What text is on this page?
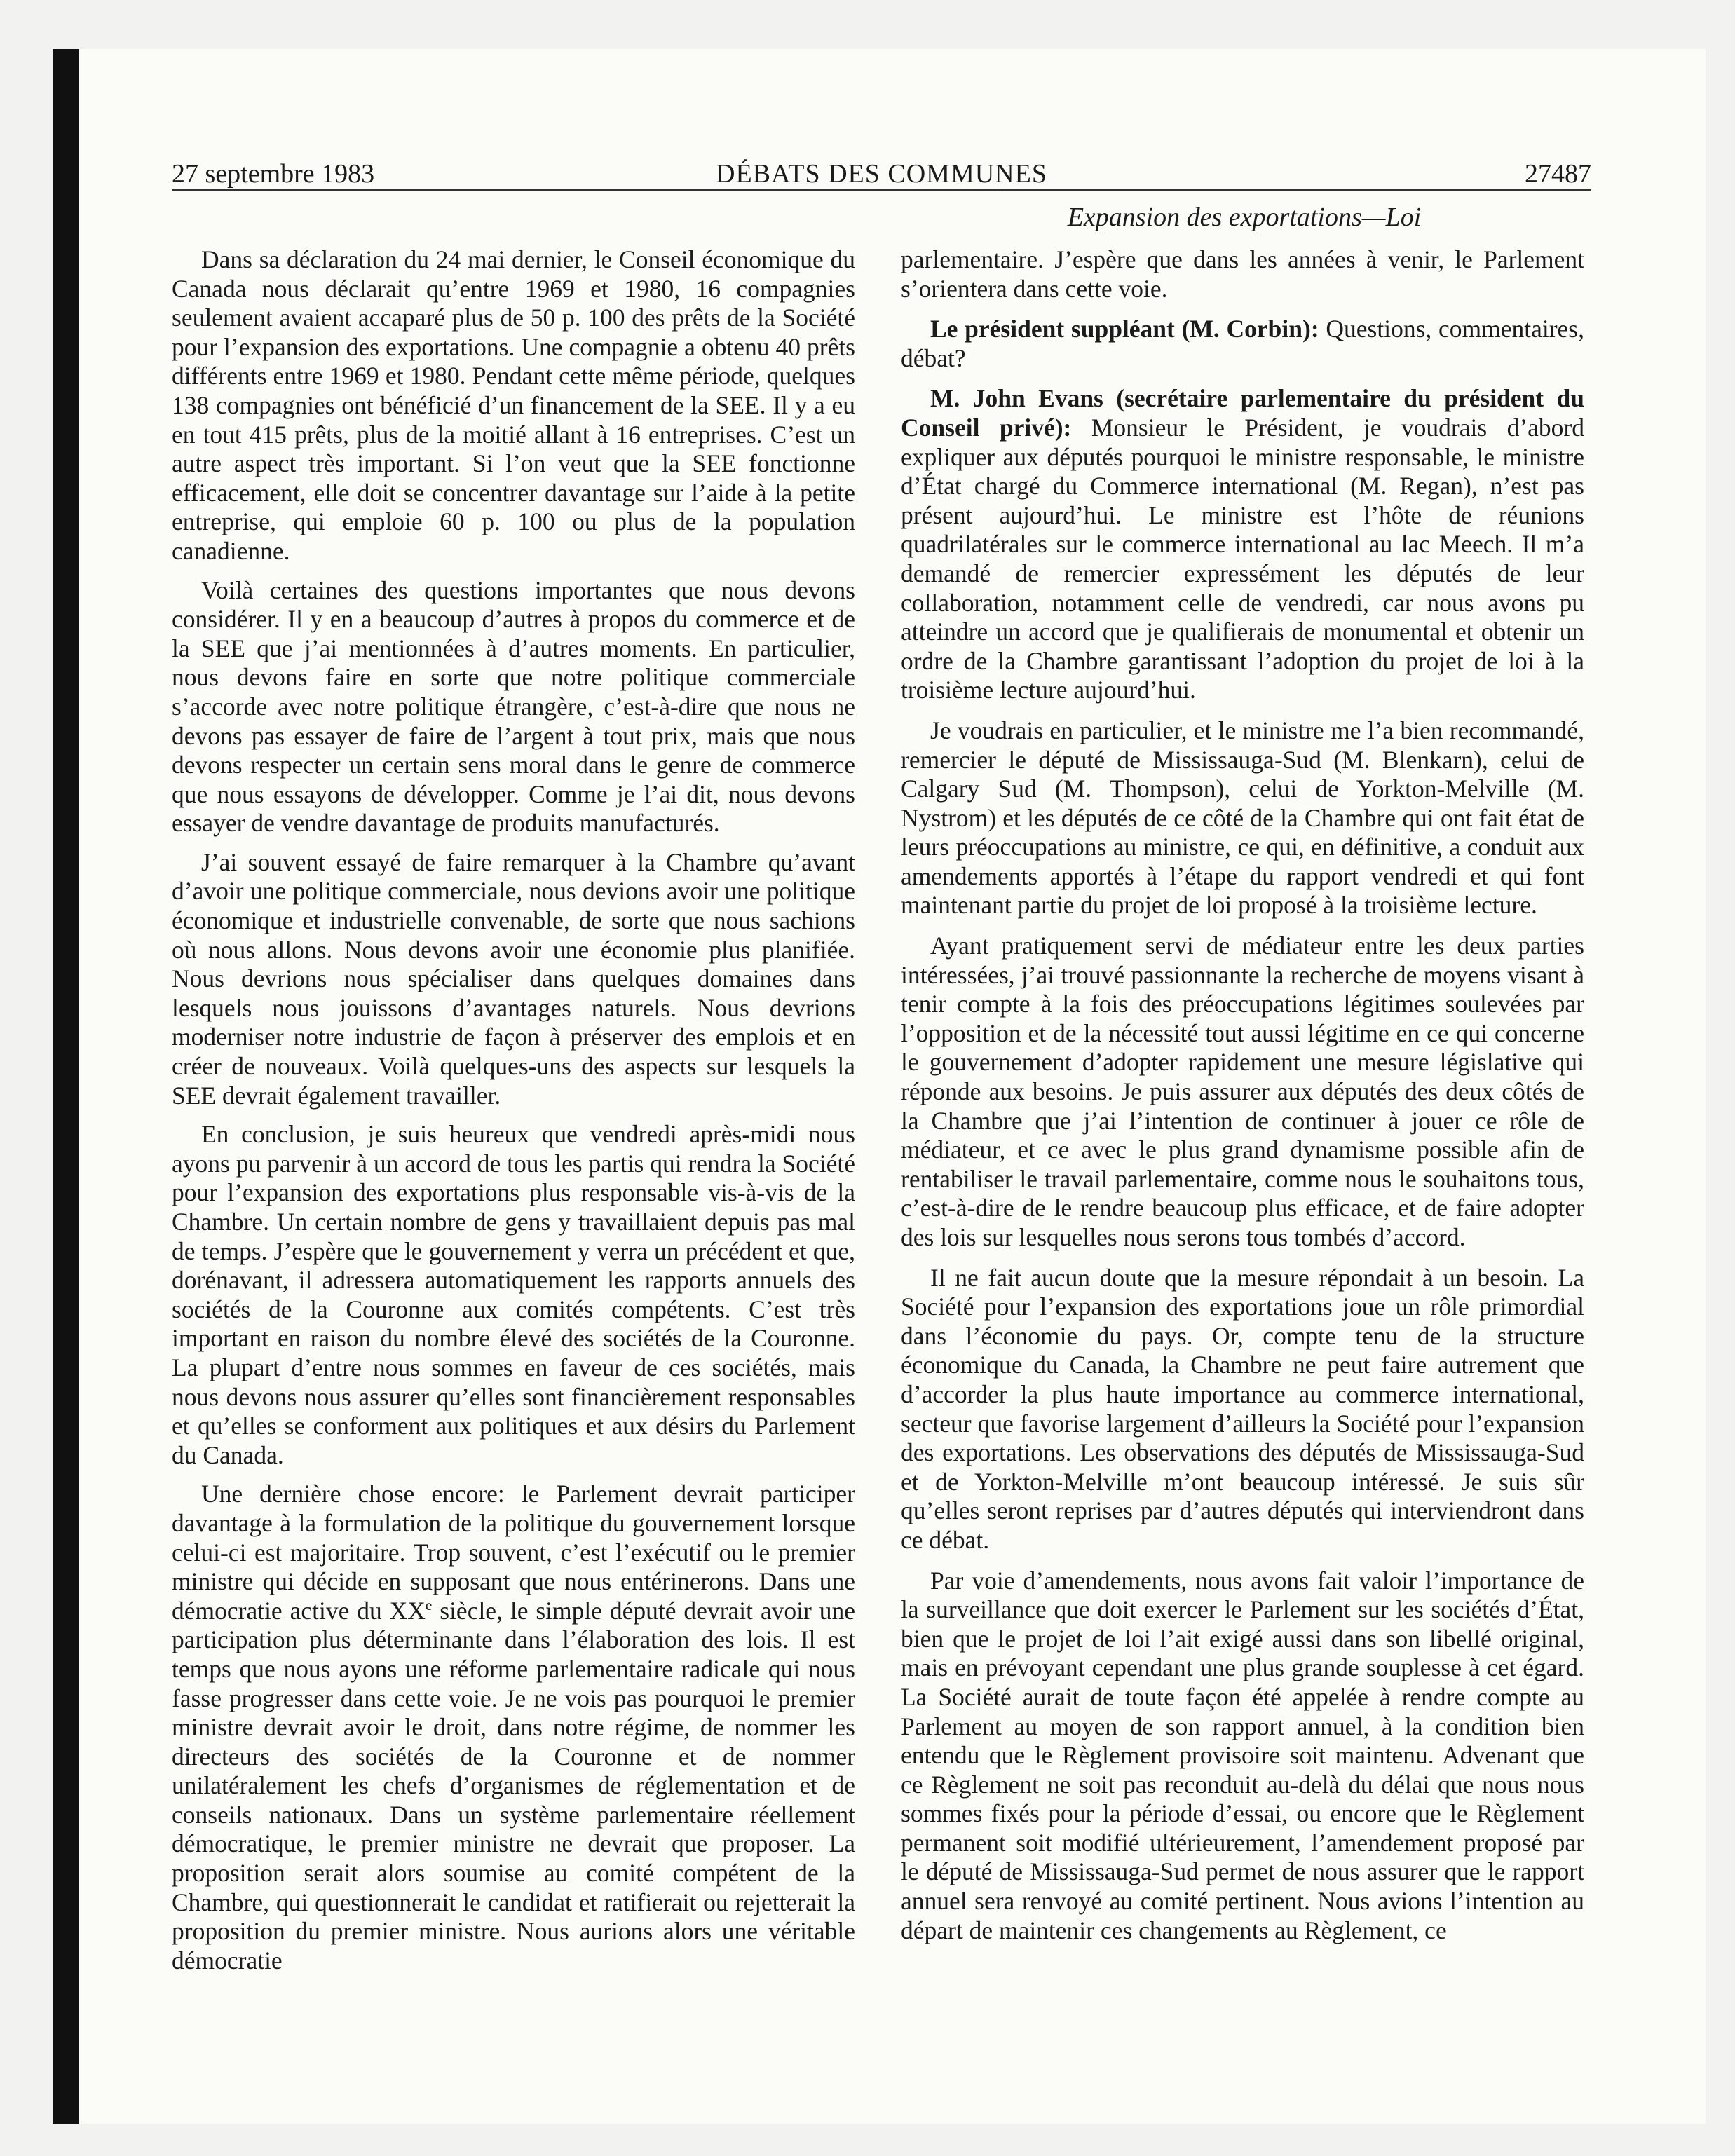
27 septembre 1983	DÉBATS DES COMMUNES	27487
Expansion des exportations—Loi

Dans sa déclaration du 24 mai dernier, le Conseil économique du Canada nous déclarait qu’entre 1969 et 1980, 16 compagnies seulement avaient accaparé plus de 50 p. 100 des prêts de la Société pour l’expansion des exportations. Une compagnie a obtenu 40 prêts différents entre 1969 et 1980. Pendant cette même période, quelques 138 compagnies ont bénéficié d’un financement de la SEE. Il y a eu en tout 415 prêts, plus de la moitié allant à 16 entreprises. C’est un autre aspect très important. Si l’on veut que la SEE fonctionne efficacement, elle doit se concentrer davantage sur l’aide à la petite entreprise, qui emploie 60 p. 100 ou plus de la population canadienne.

Voilà certaines des questions importantes que nous devons considérer. Il y en a beaucoup d’autres à propos du commerce et de la SEE que j’ai mentionnées à d’autres moments. En particulier, nous devons faire en sorte que notre politique commerciale s’accorde avec notre politique étrangère, c’est-à-dire que nous ne devons pas essayer de faire de l’argent à tout prix, mais que nous devons respecter un certain sens moral dans le genre de commerce que nous essayons de développer. Comme je l’ai dit, nous devons essayer de vendre davantage de produits manufacturés.

J’ai souvent essayé de faire remarquer à la Chambre qu’avant d’avoir une politique commerciale, nous devions avoir une politique économique et industrielle convenable, de sorte que nous sachions où nous allons. Nous devons avoir une économie plus planifiée. Nous devrions nous spécialiser dans quelques domaines dans lesquels nous jouissons d’avantages naturels. Nous devrions moderniser notre industrie de façon à préserver des emplois et en créer de nouveaux. Voilà quelques-uns des aspects sur lesquels la SEE devrait également travailler.

En conclusion, je suis heureux que vendredi après-midi nous ayons pu parvenir à un accord de tous les partis qui rendra la Société pour l’expansion des exportations plus responsable vis-à-vis de la Chambre. Un certain nombre de gens y travaillaient depuis pas mal de temps. J’espère que le gouvernement y verra un précédent et que, dorénavant, il adressera automatiquement les rapports annuels des sociétés de la Couronne aux comités compétents. C’est très important en raison du nombre élevé des sociétés de la Couronne. La plupart d’entre nous sommes en faveur de ces sociétés, mais nous devons nous assurer qu’elles sont financièrement responsables et qu’elles se conforment aux politiques et aux désirs du Parlement du Canada.

Une dernière chose encore: le Parlement devrait participer davantage à la formulation de la politique du gouvernement lorsque celui-ci est majoritaire. Trop souvent, c’est l’exécutif ou le premier ministre qui décide en supposant que nous entérinerons. Dans une démocratie active du XXe siècle, le simple député devrait avoir une participation plus déterminante dans l’élaboration des lois. Il est temps que nous ayons une réforme parlementaire radicale qui nous fasse progresser dans cette voie. Je ne vois pas pourquoi le premier ministre devrait avoir le droit, dans notre régime, de nommer les directeurs des sociétés de la Couronne et de nommer unilatéralement les chefs d’organismes de réglementation et de conseils nationaux. Dans un système parlementaire réellement démocratique, le premier ministre ne devrait que proposer. La proposition serait alors soumise au comité compétent de la Chambre, qui questionnerait le candidat et ratifierait ou rejetterait la proposition du premier ministre. Nous aurions alors une véritable démocratie

parlementaire. J’espère que dans les années à venir, le Parlement s’orientera dans cette voie.

Le président suppléant (M. Corbin): Questions, commentaires, débat?

M. John Evans (secrétaire parlementaire du président du Conseil privé): Monsieur le Président, je voudrais d’abord expliquer aux députés pourquoi le ministre responsable, le ministre d’État chargé du Commerce international (M. Regan), n’est pas présent aujourd’hui. Le ministre est l’hôte de réunions quadrilatérales sur le commerce international au lac Meech. Il m’a demandé de remercier expressément les députés de leur collaboration, notamment celle de vendredi, car nous avons pu atteindre un accord que je qualifierais de monumental et obtenir un ordre de la Chambre garantissant l’adoption du projet de loi à la troisième lecture aujourd’hui.

Je voudrais en particulier, et le ministre me l’a bien recommandé, remercier le député de Mississauga-Sud (M. Blenkarn), celui de Calgary Sud (M. Thompson), celui de Yorkton-Melville (M. Nystrom) et les députés de ce côté de la Chambre qui ont fait état de leurs préoccupations au ministre, ce qui, en définitive, a conduit aux amendements apportés à l’étape du rapport vendredi et qui font maintenant partie du projet de loi proposé à la troisième lecture.

Ayant pratiquement servi de médiateur entre les deux parties intéressées, j’ai trouvé passionnante la recherche de moyens visant à tenir compte à la fois des préoccupations légitimes soulevées par l’opposition et de la nécessité tout aussi légitime en ce qui concerne le gouvernement d’adopter rapidement une mesure législative qui réponde aux besoins. Je puis assurer aux députés des deux côtés de la Chambre que j’ai l’intention de continuer à jouer ce rôle de médiateur, et ce avec le plus grand dynamisme possible afin de rentabiliser le travail parlementaire, comme nous le souhaitons tous, c’est-à-dire de le rendre beaucoup plus efficace, et de faire adopter des lois sur lesquelles nous serons tous tombés d’accord.

Il ne fait aucun doute que la mesure répondait à un besoin. La Société pour l’expansion des exportations joue un rôle primordial dans l’économie du pays. Or, compte tenu de la structure économique du Canada, la Chambre ne peut faire autrement que d’accorder la plus haute importance au commerce international, secteur que favorise largement d’ailleurs la Société pour l’expansion des exportations. Les observations des députés de Mississauga-Sud et de Yorkton-Melville m’ont beaucoup intéressé. Je suis sûr qu’elles seront reprises par d’autres députés qui interviendront dans ce débat.

Par voie d’amendements, nous avons fait valoir l’importance de la surveillance que doit exercer le Parlement sur les sociétés d’État, bien que le projet de loi l’ait exigé aussi dans son libellé original, mais en prévoyant cependant une plus grande souplesse à cet égard. La Société aurait de toute façon été appelée à rendre compte au Parlement au moyen de son rapport annuel, à la condition bien entendu que le Règlement provisoire soit maintenu. Advenant que ce Règlement ne soit pas reconduit au-delà du délai que nous nous sommes fixés pour la période d’essai, ou encore que le Règlement permanent soit modifié ultérieurement, l’amendement proposé par le député de Mississauga-Sud permet de nous assurer que le rapport annuel sera renvoyé au comité pertinent. Nous avions l’intention au départ de maintenir ces changements au Règlement, ce
